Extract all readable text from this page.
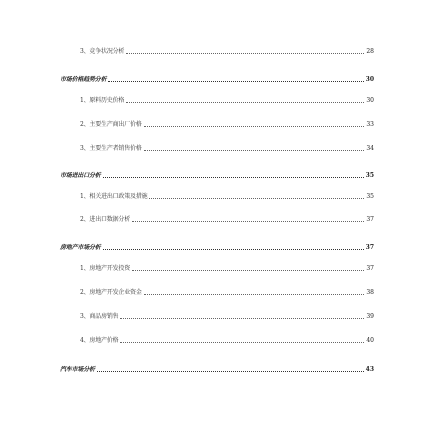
3、竞争状况分析	28
市场价格趋势分析	30
1、原料历史价格	30
2、主要生产商出厂价格	33
3、主要生产者销售价格	34
市场进出口分析	35
1、相关进出口政策及措施	35
2、进出口数据分析	37
房地产市场分析	37
1、房地产开发投资	37
2、房地产开发企业资金	38
3、商品房销售	39
4、房地产价格	40
汽车市场分析	43
